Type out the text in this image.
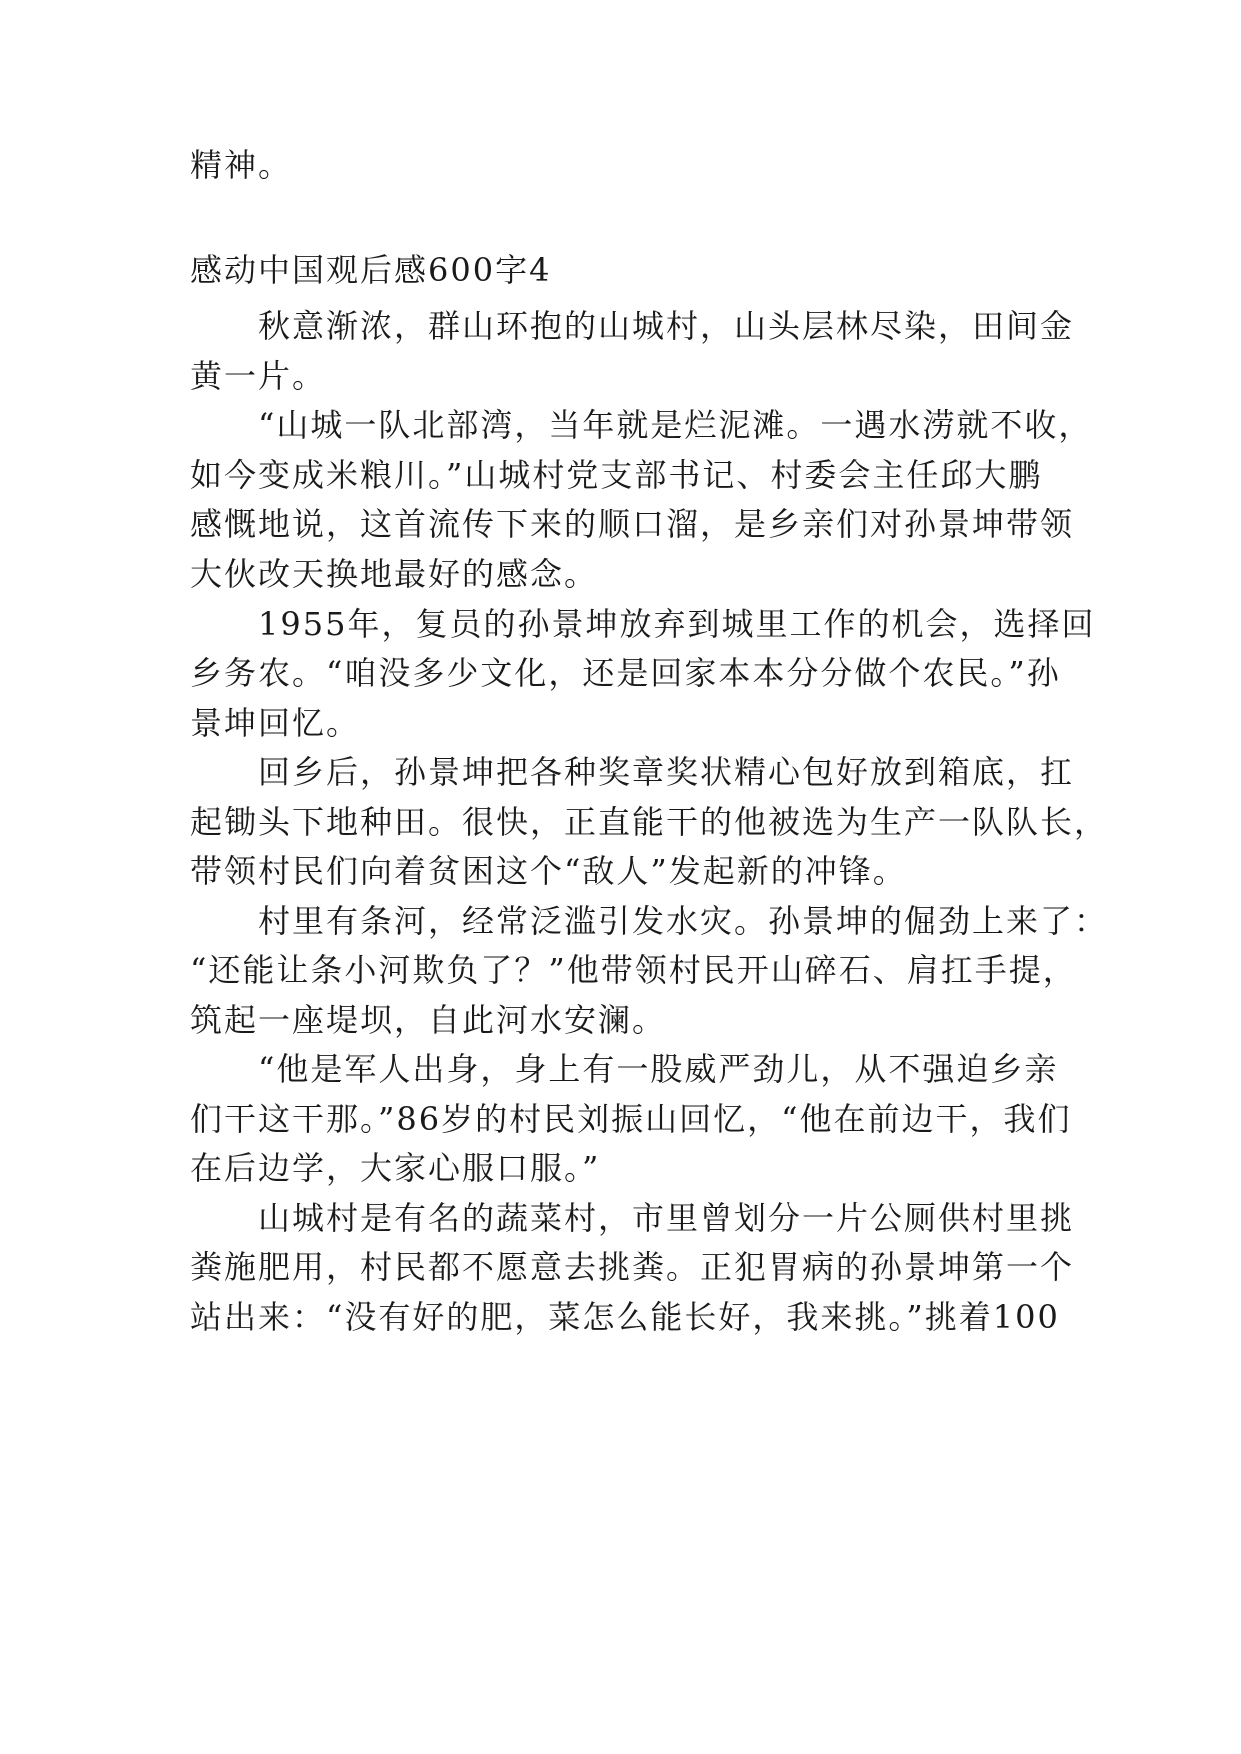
精神。
感动中国观后感600字4
　　秋意渐浓，群山环抱的山城村，山头层林尽染，田间金
黄一片。
　　“山城一队北部湾，当年就是烂泥滩。一遇水涝就不收，
如今变成米粮川。”山城村党支部书记、村委会主任邱大鹏
感慨地说，这首流传下来的顺口溜，是乡亲们对孙景坤带领
大伙改天换地最好的感念。
　　1955年，复员的孙景坤放弃到城里工作的机会，选择回
乡务农。“咱没多少文化，还是回家本本分分做个农民。”孙
景坤回忆。
　　回乡后，孙景坤把各种奖章奖状精心包好放到箱底，扛
起锄头下地种田。很快，正直能干的他被选为生产一队队长，
带领村民们向着贫困这个“敌人”发起新的冲锋。
　　村里有条河，经常泛滥引发水灾。孙景坤的倔劲上来了：
“还能让条小河欺负了？”他带领村民开山碎石、肩扛手提，
筑起一座堤坝，自此河水安澜。
　　“他是军人出身，身上有一股威严劲儿，从不强迫乡亲
们干这干那。”86岁的村民刘振山回忆，“他在前边干，我们
在后边学，大家心服口服。”
　　山城村是有名的蔬菜村，市里曾划分一片公厕供村里挑
粪施肥用，村民都不愿意去挑粪。正犯胃病的孙景坤第一个
站出来：“没有好的肥，菜怎么能长好，我来挑。”挑着100
